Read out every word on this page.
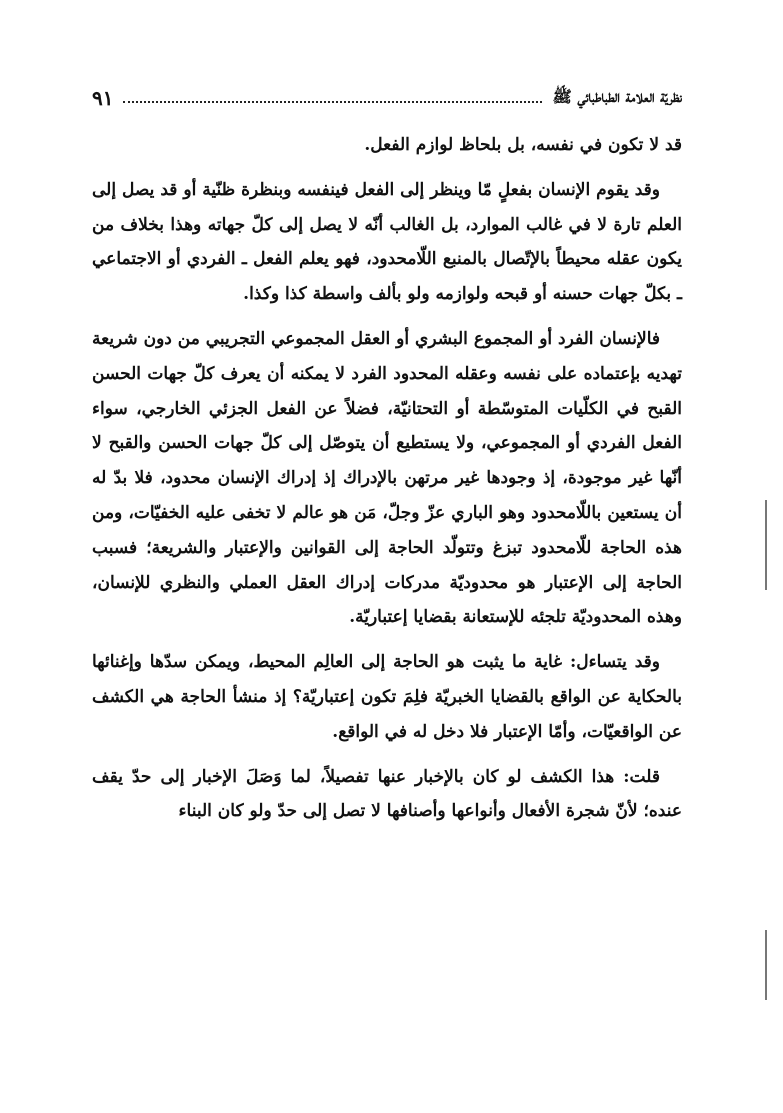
نظريّة العلامة الطباطبائي ﷺ
٩١

قد لا تكون في نفسه، بل بلحاظ لوازم الفعل.

وقد يقوم الإنسان بفعلٍ مّا وينظر إلى الفعل فينفسه وبنظرة ظنّية أو قد يصل إلى العلم تارة لا في غالب الموارد، بل الغالب أنّه لا يصل إلى كلّ جهاته وهذا بخلاف من يكون عقله محيطاً بالإتّصال بالمنبع اللّامحدود، فهو يعلم الفعل ـ الفردي أو الاجتماعي ـ بكلّ جهات حسنه أو قبحه ولوازمه ولو بألف واسطة كذا وكذا.

فالإنسان الفرد أو المجموع البشري أو العقل المجموعي التجريبي من دون شريعة تهديه بإعتماده على نفسه وعقله المحدود الفرد لا يمكنه أن يعرف كلّ جهات الحسن القبح في الكلّيات المتوسّطة أو التحتانيّة، فضلاً عن الفعل الجزئي الخارجي، سواء الفعل الفردي أو المجموعي، ولا يستطيع أن يتوصّل إلى كلّ جهات الحسن والقبح لا أنّها غير موجودة، إذ وجودها غير مرتهن بالإدراك إذ إدراك الإنسان محدود، فلا بدّ له أن يستعين باللّامحدود وهو الباري عزّ وجلّ، مَن هو عالم لا تخفى عليه الخفيّات، ومن هذه الحاجة للّامحدود تبزغ وتتولّد الحاجة إلى القوانين والإعتبار والشريعة؛ فسبب الحاجة إلى الإعتبار هو محدوديّة مدركات إدراك العقل العملي والنظري للإنسان، وهذه المحدوديّة تلجئه للإستعانة بقضايا إعتباريّة.

وقد يتساءل: غاية ما يثبت هو الحاجة إلى العالِم المحيط، ويمكن سدّها وإغنائها بالحكاية عن الواقع بالقضايا الخبريّة فلِمَ تكون إعتباريّة؟ إذ منشأ الحاجة هي الكشف عن الواقعيّات، وأمّا الإعتبار فلا دخل له في الواقع.

قلت: هذا الكشف لو كان بالإخبار عنها تفصيلاً، لما وَصَلَ الإخبار إلى حدّ يقف عنده؛ لأنّ شجرة الأفعال وأنواعها وأصنافها لا تصل إلى حدّ ولو كان البناء
